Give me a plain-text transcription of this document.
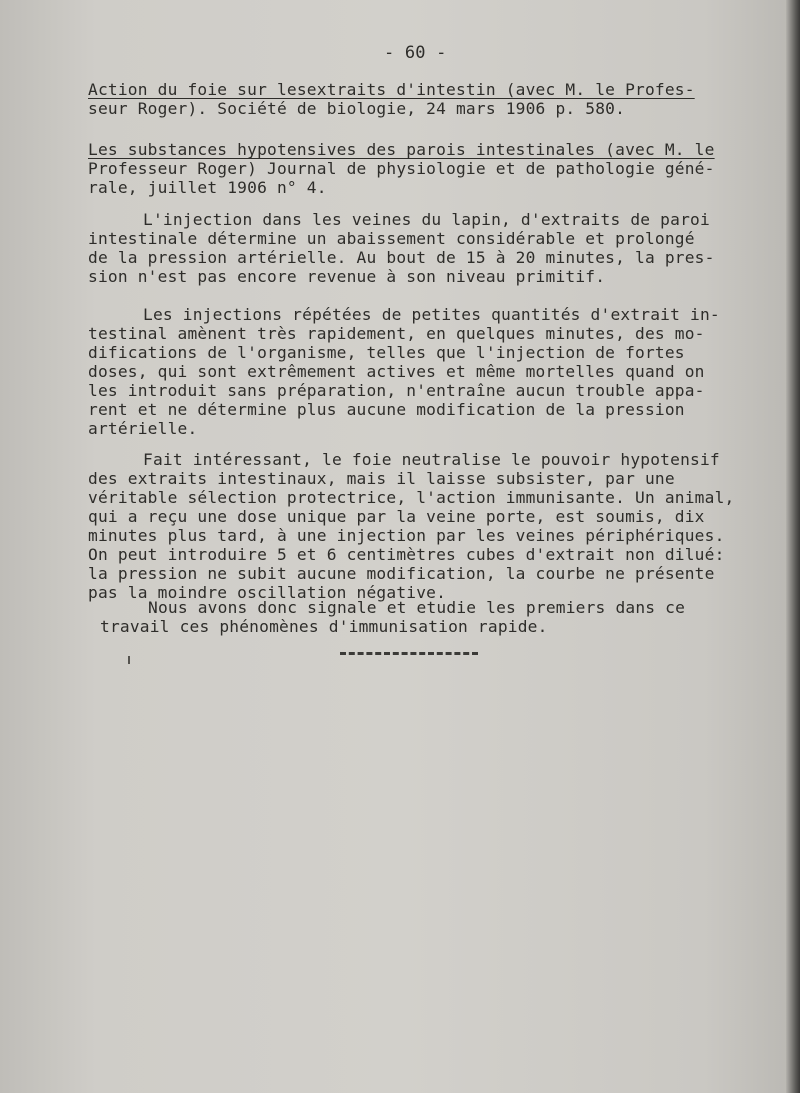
- 60 -
Action du foie sur lesextraits d'intestin (avec M. le Profes-
seur Roger). Société de biologie, 24 mars 1906 p. 580.
Les substances hypotensives des parois intestinales (avec M. le
Professeur Roger) Journal de physiologie et de pathologie géné-
rale, juillet 1906 n° 4.
L'injection dans les veines du lapin, d'extraits de paroi
intestinale détermine un abaissement considérable et prolongé
de la pression artérielle. Au bout de 15 à 20 minutes, la pres-
sion n'est pas encore revenue à son niveau primitif.
Les injections répétées de petites quantités d'extrait in-
testinal amènent très rapidement, en quelques minutes, des mo-
difications de l'organisme, telles que l'injection de fortes
doses, qui sont extrêmement actives et même mortelles quand on
les introduit sans préparation, n'entraîne aucun trouble appa-
rent et ne détermine plus aucune modification de la pression
artérielle.
Fait intéressant, le foie neutralise le pouvoir hypotensif
des extraits intestinaux, mais il laisse subsister, par une
véritable sélection protectrice, l'action immunisante. Un animal,
qui a reçu une dose unique par la veine porte, est soumis, dix
minutes plus tard, à une injection par les veines périphériques.
On peut introduire 5 et 6 centimètres cubes d'extrait non dilué:
la pression ne subit aucune modification, la courbe ne présente
pas la moindre oscillation négative.
Nous avons donc signale et etudie les premiers dans ce
travail ces phénomènes d'immunisation rapide.
